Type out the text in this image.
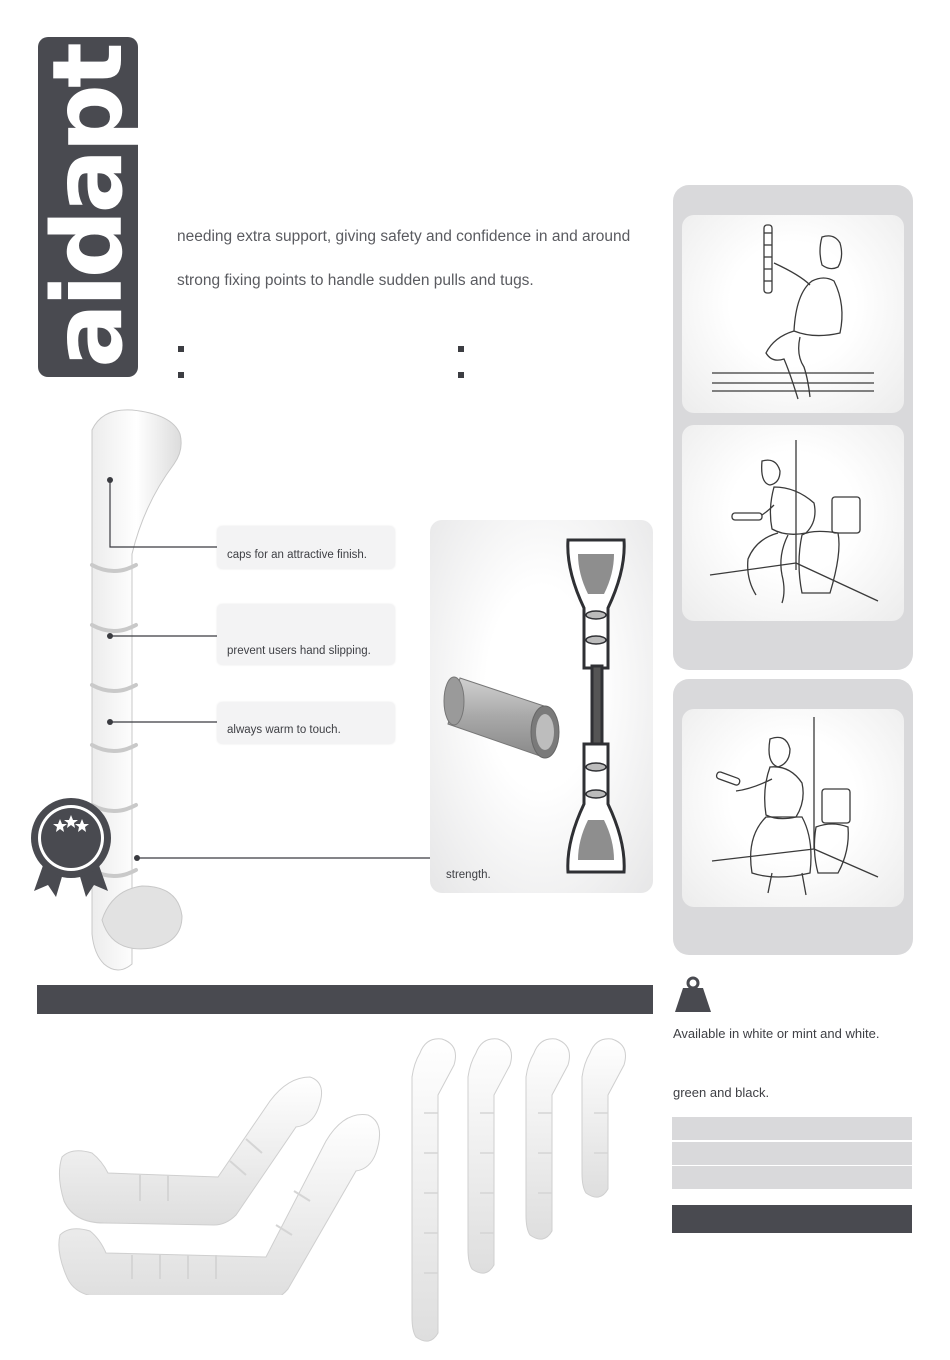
aidapt needing extra support, giving safety and confidence in and around
strong fixing points to handle sudden pulls and tugs.
caps for an attractive finish.
prevent users hand slipping.
always warm to touch.
strength.
Available in white or mint and white.
green and black.
